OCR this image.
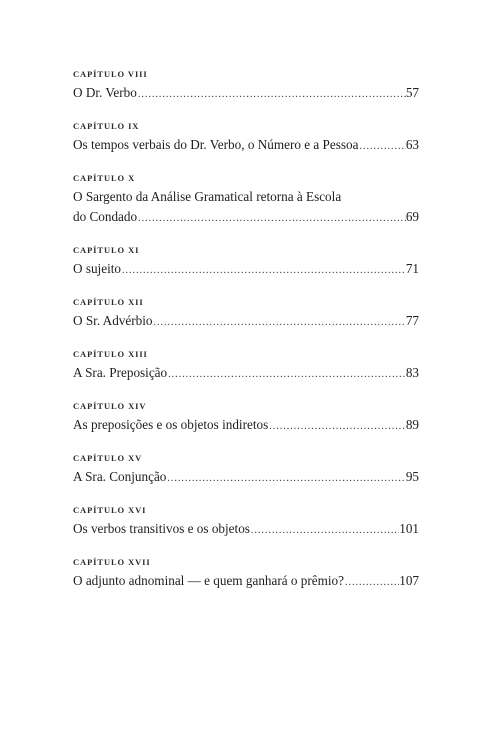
CAPÍTULO VIII
O Dr. Verbo .....	57
CAPÍTULO IX
Os tempos verbais do Dr. Verbo, o Número e a Pessoa .....	63
CAPÍTULO X
O Sargento da Análise Gramatical retorna à Escola
do Condado .....	69
CAPÍTULO XI
O sujeito .....	71
CAPÍTULO XII
O Sr. Advérbio .....	77
CAPÍTULO XIII
A Sra. Preposição .....	83
CAPÍTULO XIV
As preposições e os objetos indiretos .....	89
CAPÍTULO XV
A Sra. Conjunção .....	95
CAPÍTULO XVI
Os verbos transitivos e os objetos .....	101
CAPÍTULO XVII
O adjunto adnominal — e quem ganhará o prêmio? .....	107
